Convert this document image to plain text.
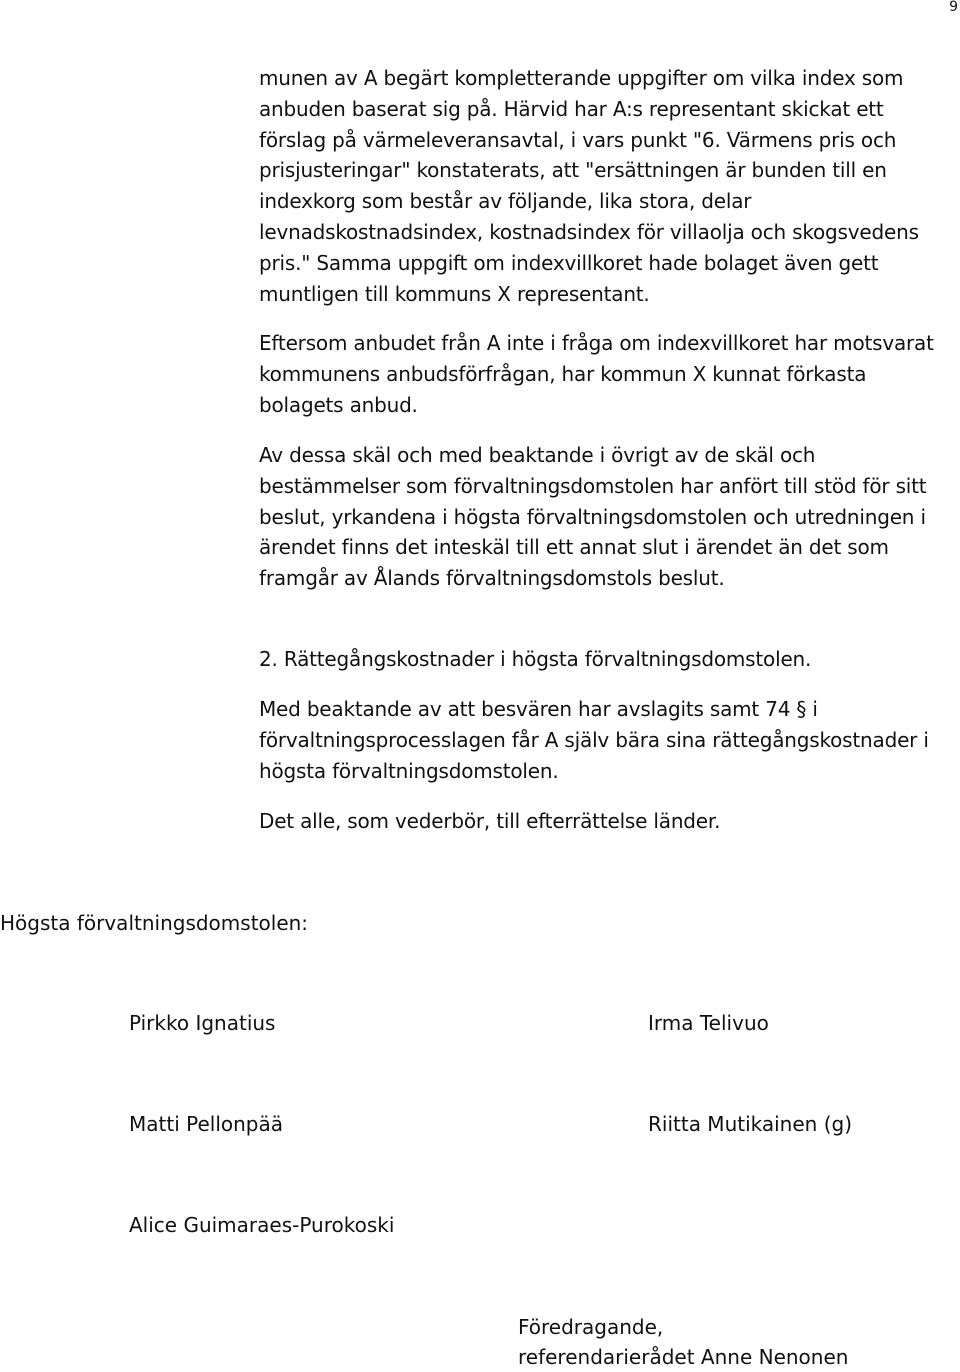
9

munen av A begärt kompletterande uppgifter om vilka index som anbuden baserat sig på. Härvid har A:s representant skickat ett förslag på värmeleveransavtal, i vars punkt "6. Värmens pris och prisjusteringar" konstaterats, att "ersättningen är bunden till en indexkorg som består av följande, lika stora, delar levnadskostnadsindex, kostnadsindex för villaolja och skogsvedens pris." Samma uppgift om indexvillkoret hade bolaget även gett muntligen till kommuns X representant.

Eftersom anbudet från A inte i fråga om indexvillkoret har motsvarat kommunens anbudsförfrågan, har kommun X kunnat förkasta bolagets anbud.

Av dessa skäl och med beaktande i övrigt av de skäl och bestämmelser som förvaltningsdomstolen har anfört till stöd för sitt beslut, yrkandena i högsta förvaltningsdomstolen och utredningen i ärendet finns det inteskäl till ett annat slut i ärendet än det som framgår av Ålands förvaltningsdomstols beslut.

2. Rättegångskostnader i högsta förvaltningsdomstolen.

Med beaktande av att besvären har avslagits samt 74 § i förvaltningsprocesslagen får A själv bära sina rättegångskostnader i högsta förvaltningsdomstolen.

Det alle, som vederbör, till efterrättelse länder.

Högsta förvaltningsdomstolen:

Pirkko Ignatius	Irma Telivuo
Matti Pellonpää	Riitta Mutikainen (g)
Alice Guimaraes-Purokoski
Föredragande,
referendarierådet Anne Nenonen
